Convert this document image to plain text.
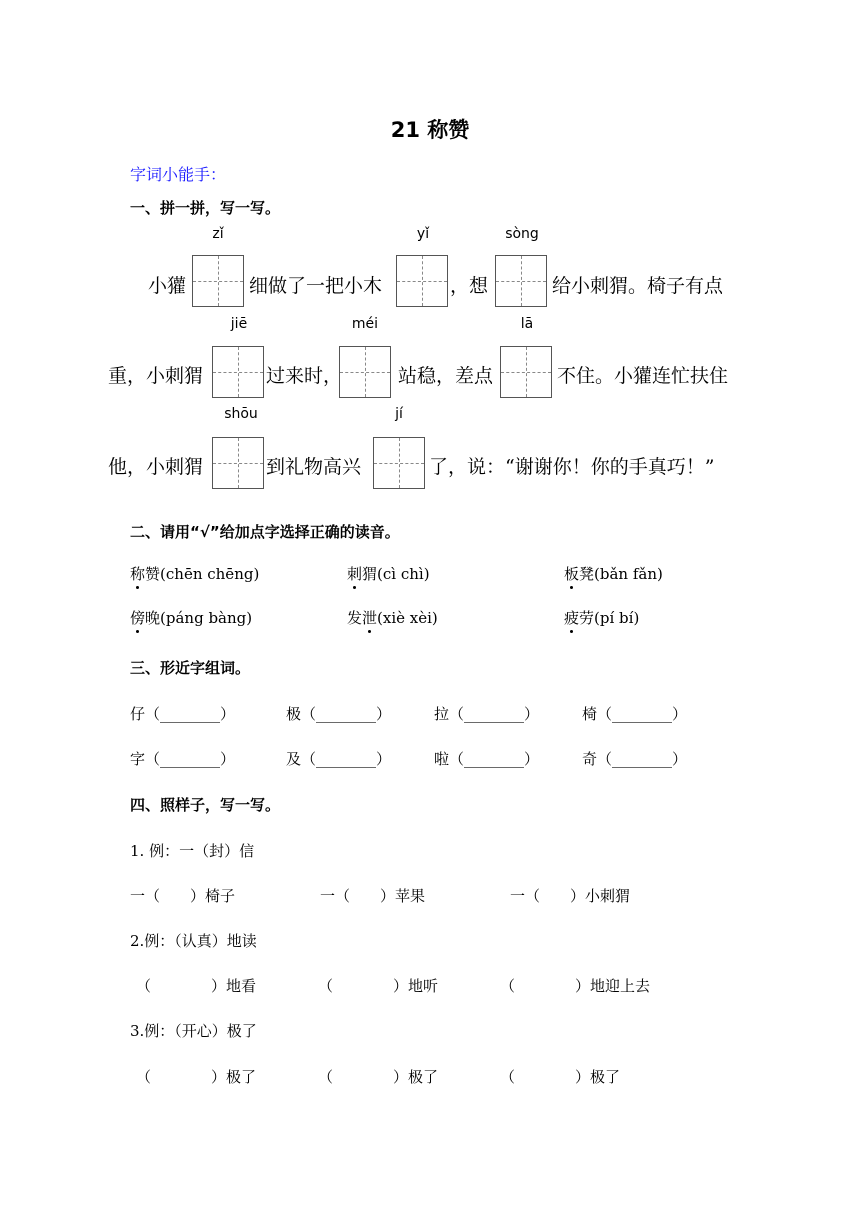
21 称赞
字词小能手：
一、拼一拼，写一写。
zǐ	yǐ	sòng
小獾	细做了一把小木	，想	给小刺猬。椅子有点
jiē	méi	lā
重，小刺猬	过来时，	站稳，差点	不住。小獾连忙扶住
shōu	jí
他，小刺猬	到礼物高兴	了，说：“谢谢你！你的手真巧！”
二、请用“√”给加点字选择正确的读音。
称赞(chēn chēng)	刺猬(cì chì)	板凳(bǎn fǎn)
傍晚(páng bàng)	发泄(xiè xèi)	疲劳(pí bí)
三、形近字组词。
仔（________）	极（________）	拉（________）	椅（________）
字（________）	及（________）	啦（________）	奇（________）
四、照样子，写一写。
1. 例：一（封）信
一（　　）椅子	一（　　）苹果	一（　　）小刺猬
2.例：（认真）地读
（　　　　）地看	（　　　　）地听	（　　　　）地迎上去
3.例：（开心）极了
（　　　　）极了	（　　　　）极了	（　　　　）极了
